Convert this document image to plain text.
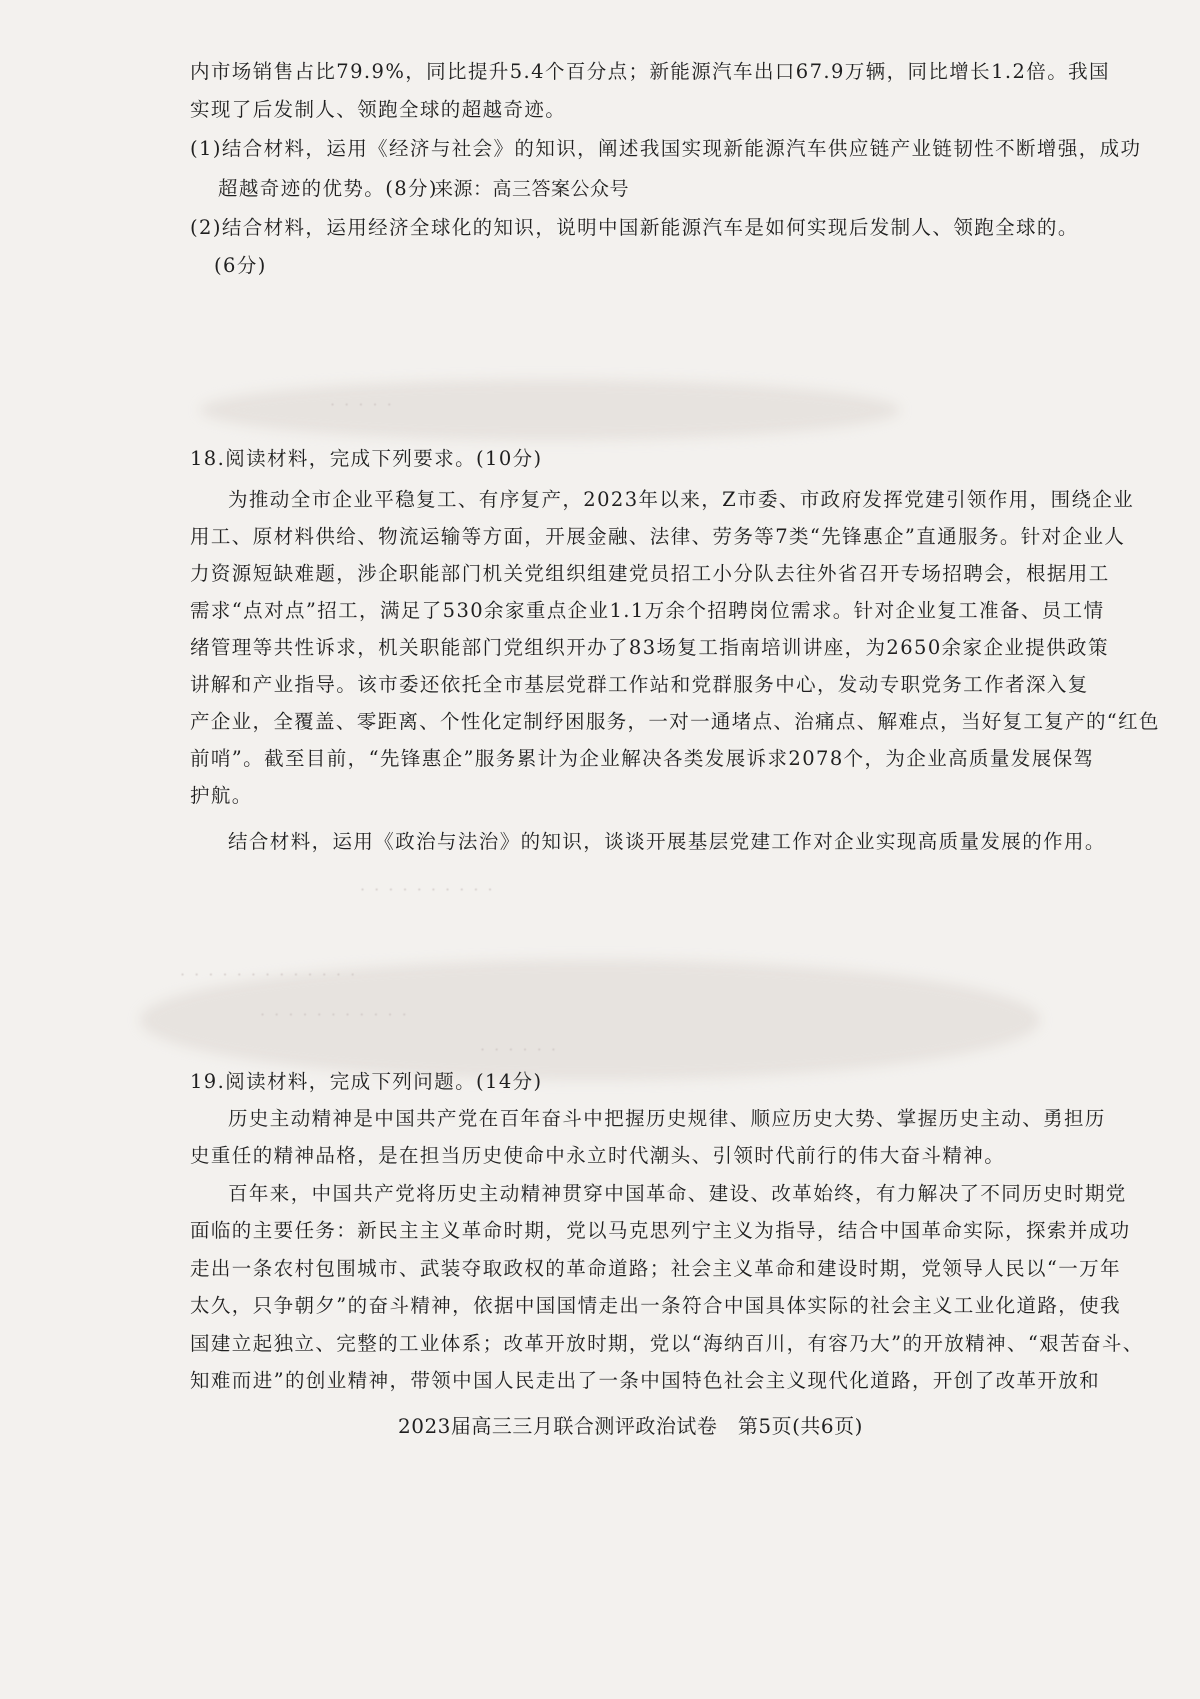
· · · · ·
· · · · · · · · · ·
· · · · · · · · · · · · ·
· · · · · · · · · · ·
· · · · · ·
内市场销售占比79.9%，同比提升5.4个百分点；新能源汽车出口67.9万辆，同比增长1.2倍。我国
实现了后发制人、领跑全球的超越奇迹。
(1)结合材料，运用《经济与社会》的知识，阐述我国实现新能源汽车供应链产业链韧性不断增强，成功
超越奇迹的优势。(8分)
来源：高三答案公众号
(2)结合材料，运用经济全球化的知识，说明中国新能源汽车是如何实现后发制人、领跑全球的。
(6分)
18.阅读材料，完成下列要求。(10分)
为推动全市企业平稳复工、有序复产，2023年以来，Z市委、市政府发挥党建引领作用，围绕企业
用工、原材料供给、物流运输等方面，开展金融、法律、劳务等7类“先锋惠企”直通服务。针对企业人
力资源短缺难题，涉企职能部门机关党组织组建党员招工小分队去往外省召开专场招聘会，根据用工
需求“点对点”招工，满足了530余家重点企业1.1万余个招聘岗位需求。针对企业复工准备、员工情
绪管理等共性诉求，机关职能部门党组织开办了83场复工指南培训讲座，为2650余家企业提供政策
讲解和产业指导。该市委还依托全市基层党群工作站和党群服务中心，发动专职党务工作者深入复
产企业，全覆盖、零距离、个性化定制纾困服务，一对一通堵点、治痛点、解难点，当好复工复产的“红色
前哨”。截至目前，“先锋惠企”服务累计为企业解决各类发展诉求2078个，为企业高质量发展保驾
护航。
结合材料，运用《政治与法治》的知识，谈谈开展基层党建工作对企业实现高质量发展的作用。
19.阅读材料，完成下列问题。(14分)
历史主动精神是中国共产党在百年奋斗中把握历史规律、顺应历史大势、掌握历史主动、勇担历
史重任的精神品格，是在担当历史使命中永立时代潮头、引领时代前行的伟大奋斗精神。
百年来，中国共产党将历史主动精神贯穿中国革命、建设、改革始终，有力解决了不同历史时期党
面临的主要任务：新民主主义革命时期，党以马克思列宁主义为指导，结合中国革命实际，探索并成功
走出一条农村包围城市、武装夺取政权的革命道路；社会主义革命和建设时期，党领导人民以“一万年
太久，只争朝夕”的奋斗精神，依据中国国情走出一条符合中国具体实际的社会主义工业化道路，使我
国建立起独立、完整的工业体系；改革开放时期，党以“海纳百川，有容乃大”的开放精神、“艰苦奋斗、
知难而进”的创业精神，带领中国人民走出了一条中国特色社会主义现代化道路，开创了改革开放和
2023届高三三月联合测评政治试卷　第5页(共6页)
